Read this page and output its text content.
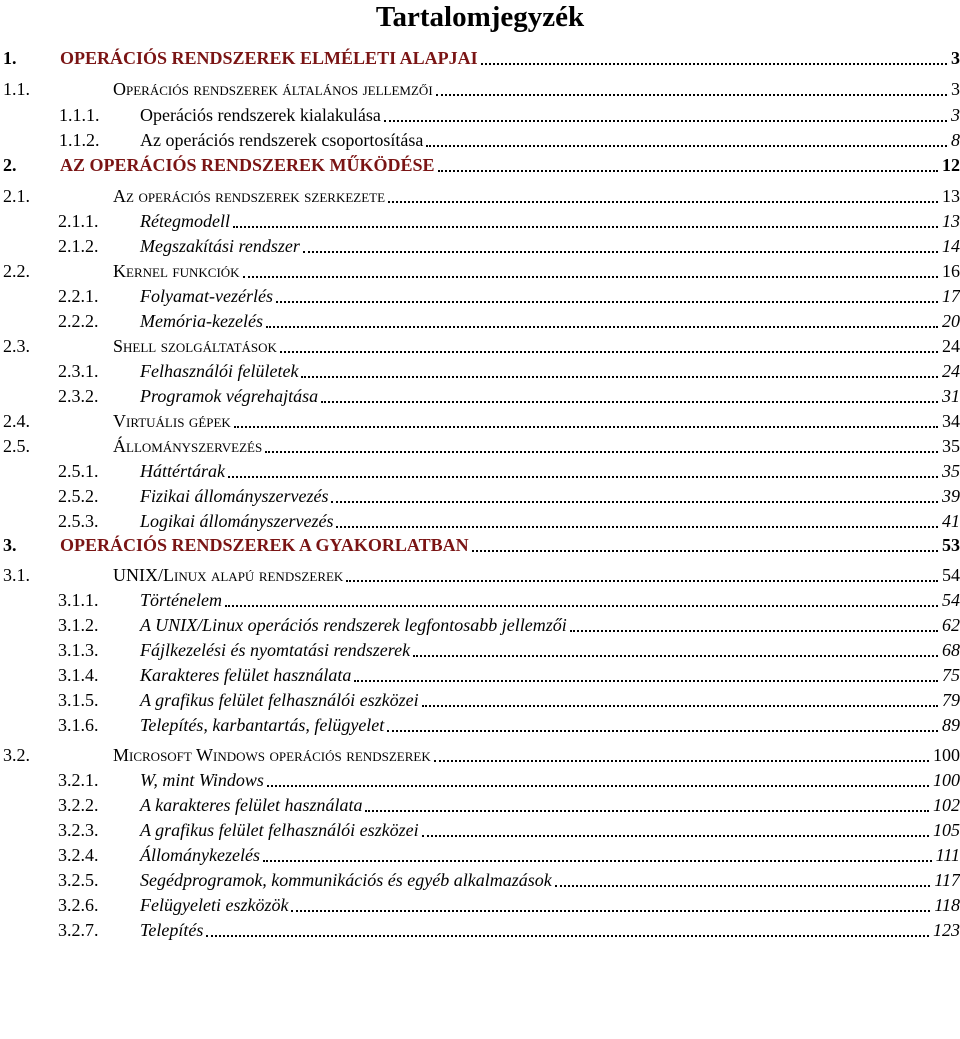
Tartalomjegyzék
1. OPERÁCIÓS RENDSZEREK ELMÉLETI ALAPJAI	3
1.1.	Operációs rendszerek általános jellemzői	3
1.1.1. Operációs rendszerek kialakulása	3
1.1.2. Az operációs rendszerek csoportosítása	8
2. AZ OPERÁCIÓS RENDSZEREK MŰKÖDÉSE	12
2.1.	Az operációs rendszerek szerkezete	13
2.1.1. Rétegmodell	13
2.1.2. Megszakítási rendszer	14
2.2.	Kernel funkciók	16
2.2.1. Folyamat-vezérlés	17
2.2.2. Memória-kezelés	20
2.3.	Shell szolgáltatások	24
2.3.1. Felhasználói felületek	24
2.3.2. Programok végrehajtása	31
2.4.	Virtuális gépek	34
2.5.	Állományszervezés	35
2.5.1. Háttértárak	35
2.5.2. Fizikai állományszervezés	39
2.5.3. Logikai állományszervezés	41
3. OPERÁCIÓS RENDSZEREK A GYAKORLATBAN	53
3.1.	UNIX/Linux alapú rendszerek	54
3.1.1. Történelem	54
3.1.2. A UNIX/Linux operációs rendszerek legfontosabb jellemzői	62
3.1.3. Fájlkezelési és nyomtatási rendszerek	68
3.1.4. Karakteres felület használata	75
3.1.5. A grafikus felület felhasználói eszközei	79
3.1.6. Telepítés, karbantartás, felügyelet	89
3.2.	Microsoft Windows operációs rendszerek	100
3.2.1. W, mint Windows	100
3.2.2. A karakteres felület használata	102
3.2.3. A grafikus felület felhasználói eszközei	105
3.2.4. Állománykezelés	111
3.2.5. Segédprogramok, kommunikációs és egyéb alkalmazások	117
3.2.6. Felügyeleti eszközök	118
3.2.7. Telepítés	123
